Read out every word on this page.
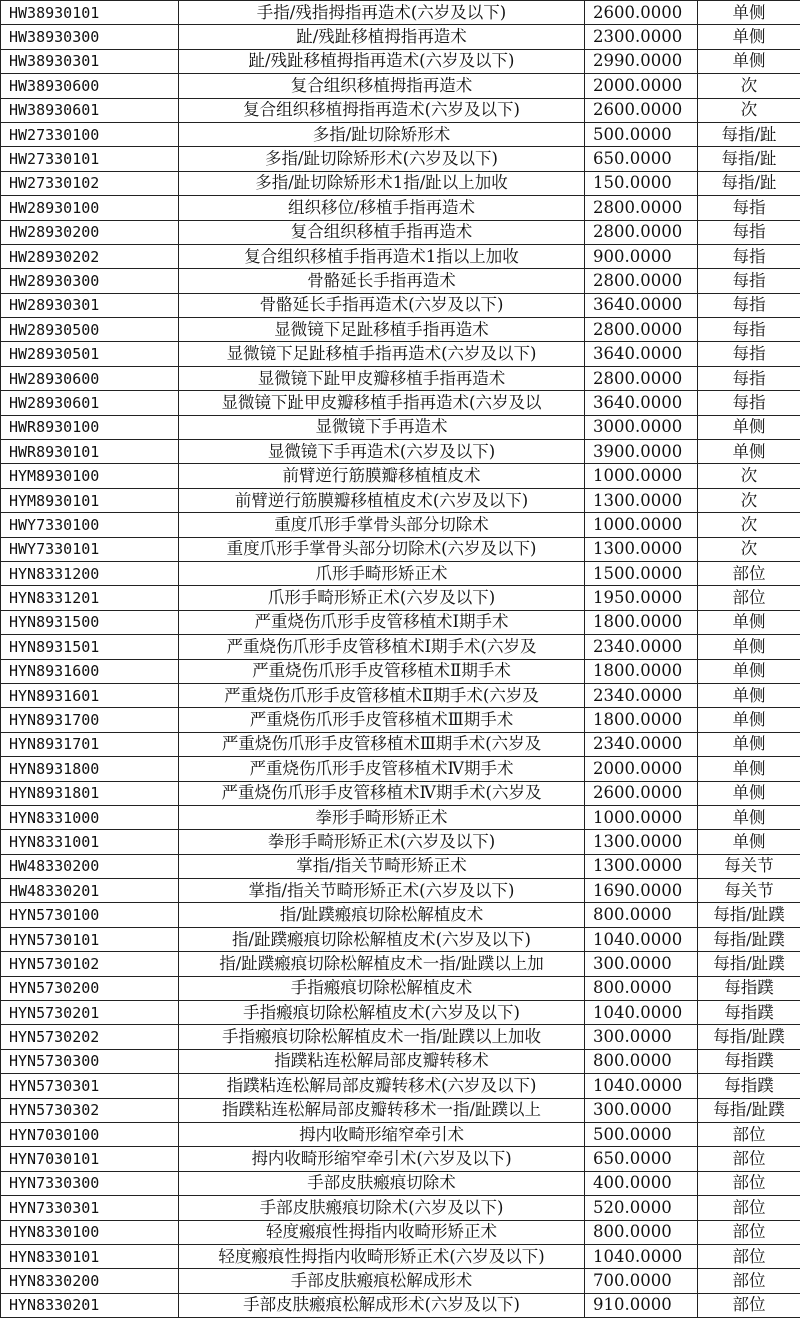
HW38930101	手指/残指拇指再造术(六岁及以下)	2600.0000	单侧
HW38930300	趾/残趾移植拇指再造术	2300.0000	单侧
HW38930301	趾/残趾移植拇指再造术(六岁及以下)	2990.0000	单侧
HW38930600	复合组织移植拇指再造术	2000.0000	次
HW38930601	复合组织移植拇指再造术(六岁及以下)	2600.0000	次
HW27330100	多指/趾切除矫形术	500.0000	每指/趾
HW27330101	多指/趾切除矫形术(六岁及以下)	650.0000	每指/趾
HW27330102	多指/趾切除矫形术1指/趾以上加收	150.0000	每指/趾
HW28930100	组织移位/移植手指再造术	2800.0000	每指
HW28930200	复合组织移植手指再造术	2800.0000	每指
HW28930202	复合组织移植手指再造术1指以上加收	900.0000	每指
HW28930300	骨骼延长手指再造术	2800.0000	每指
HW28930301	骨骼延长手指再造术(六岁及以下)	3640.0000	每指
HW28930500	显微镜下足趾移植手指再造术	2800.0000	每指
HW28930501	显微镜下足趾移植手指再造术(六岁及以下)	3640.0000	每指
HW28930600	显微镜下趾甲皮瓣移植手指再造术	2800.0000	每指
HW28930601	显微镜下趾甲皮瓣移植手指再造术(六岁及以	3640.0000	每指
HWR8930100	显微镜下手再造术	3000.0000	单侧
HWR8930101	显微镜下手再造术(六岁及以下)	3900.0000	单侧
HYM8930100	前臂逆行筋膜瓣移植植皮术	1000.0000	次
HYM8930101	前臂逆行筋膜瓣移植植皮术(六岁及以下)	1300.0000	次
HWY7330100	重度爪形手掌骨头部分切除术	1000.0000	次
HWY7330101	重度爪形手掌骨头部分切除术(六岁及以下)	1300.0000	次
HYN8331200	爪形手畸形矫正术	1500.0000	部位
HYN8331201	爪形手畸形矫正术(六岁及以下)	1950.0000	部位
HYN8931500	严重烧伤爪形手皮管移植术Ⅰ期手术	1800.0000	单侧
HYN8931501	严重烧伤爪形手皮管移植术Ⅰ期手术(六岁及	2340.0000	单侧
HYN8931600	严重烧伤爪形手皮管移植术Ⅱ期手术	1800.0000	单侧
HYN8931601	严重烧伤爪形手皮管移植术Ⅱ期手术(六岁及	2340.0000	单侧
HYN8931700	严重烧伤爪形手皮管移植术Ⅲ期手术	1800.0000	单侧
HYN8931701	严重烧伤爪形手皮管移植术Ⅲ期手术(六岁及	2340.0000	单侧
HYN8931800	严重烧伤爪形手皮管移植术Ⅳ期手术	2000.0000	单侧
HYN8931801	严重烧伤爪形手皮管移植术Ⅳ期手术(六岁及	2600.0000	单侧
HYN8331000	拳形手畸形矫正术	1000.0000	单侧
HYN8331001	拳形手畸形矫正术(六岁及以下)	1300.0000	单侧
HW48330200	掌指/指关节畸形矫正术	1300.0000	每关节
HW48330201	掌指/指关节畸形矫正术(六岁及以下)	1690.0000	每关节
HYN5730100	指/趾蹼瘢痕切除松解植皮术	800.0000	每指/趾蹼
HYN5730101	指/趾蹼瘢痕切除松解植皮术(六岁及以下)	1040.0000	每指/趾蹼
HYN5730102	指/趾蹼瘢痕切除松解植皮术一指/趾蹼以上加	300.0000	每指/趾蹼
HYN5730200	手指瘢痕切除松解植皮术	800.0000	每指蹼
HYN5730201	手指瘢痕切除松解植皮术(六岁及以下)	1040.0000	每指蹼
HYN5730202	手指瘢痕切除松解植皮术一指/趾蹼以上加收	300.0000	每指/趾蹼
HYN5730300	指蹼粘连松解局部皮瓣转移术	800.0000	每指蹼
HYN5730301	指蹼粘连松解局部皮瓣转移术(六岁及以下)	1040.0000	每指蹼
HYN5730302	指蹼粘连松解局部皮瓣转移术一指/趾蹼以上	300.0000	每指/趾蹼
HYN7030100	拇内收畸形缩窄牵引术	500.0000	部位
HYN7030101	拇内收畸形缩窄牵引术(六岁及以下)	650.0000	部位
HYN7330300	手部皮肤瘢痕切除术	400.0000	部位
HYN7330301	手部皮肤瘢痕切除术(六岁及以下)	520.0000	部位
HYN8330100	轻度瘢痕性拇指内收畸形矫正术	800.0000	部位
HYN8330101	轻度瘢痕性拇指内收畸形矫正术(六岁及以下)	1040.0000	部位
HYN8330200	手部皮肤瘢痕松解成形术	700.0000	部位
HYN8330201	手部皮肤瘢痕松解成形术(六岁及以下)	910.0000	部位
